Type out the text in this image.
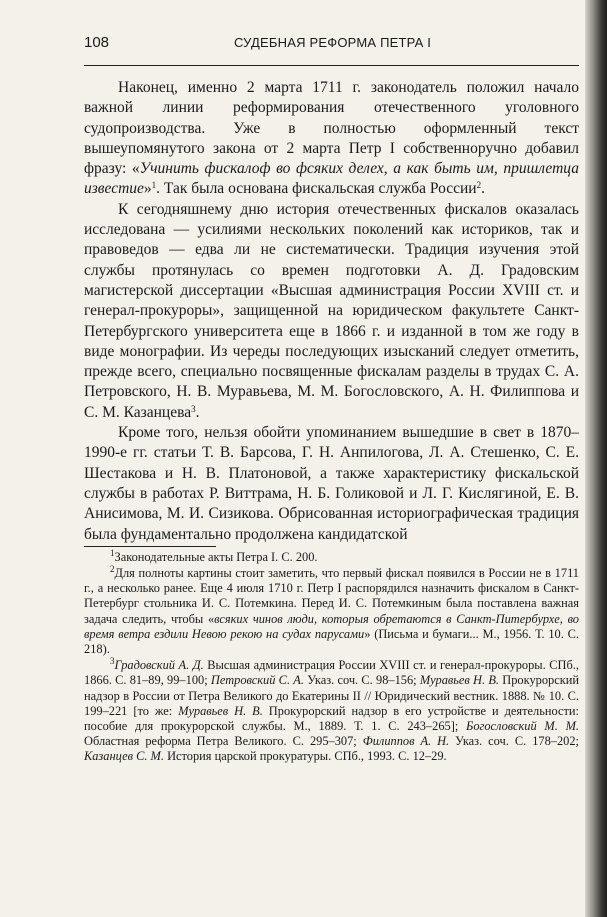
108	СУДЕБНАЯ РЕФОРМА ПЕТРА I

Наконец, именно 2 марта 1711 г. законодатель положил начало важной линии реформирования отечественного уголовного судопроизводства. Уже в полностью оформленный текст вышеупомянутого закона от 2 марта Петр I собственноручно добавил фразу: «Учинить фискалоф во фсяких делех, а как быть им, пришлетца известие»$^1$. Так была основана фискальская служба России$^2$.

К сегодняшнему дню история отечественных фискалов оказалась исследована — усилиями нескольких поколений как историков, так и правоведов — едва ли не систематически. Традиция изучения этой службы протянулась со времен подготовки А. Д. Градовским магистерской диссертации «Высшая администрация России XVIII ст. и генерал-прокуроры», защищенной на юридическом факультете Санкт-Петербургского университета еще в 1866 г. и изданной в том же году в виде монографии. Из череды последующих изысканий следует отметить, прежде всего, специально посвященные фискалам разделы в трудах С. А. Петровского, Н. В. Муравьева, М. М. Богословского, А. Н. Филиппова и С. М. Казанцева$^3$.

Кроме того, нельзя обойти упоминанием вышедшие в свет в 1870–1990-е гг. статьи Т. В. Барсова, Г. Н. Анпилогова, Л. А. Стешенко, С. Е. Шестакова и Н. В. Платоновой, а также характеристику фискальской службы в работах Р. Виттрама, Н. Б. Голиковой и Л. Г. Кислягиной, Е. В. Анисимова, М. И. Сизикова. Обрисованная историографическая традиция была фундаментально продолжена кандидатской

$^1$Законодательные акты Петра I. С. 200.

$^2$Для полноты картины стоит заметить, что первый фискал появился в России не в 1711 г., а несколько ранее. Еще 4 июля 1710 г. Петр I распорядился назначить фискалом в Санкт-Петербург стольника И. С. Потемкина. Перед И. С. Потемкиным была поставлена важная задача следить, чтобы «всяких чинов люди, которыя обретаются в Санкт-Питербурхе, во время ветра ездили Невою рекою на судах парусами» (Письма и бумаги... М., 1956. Т. 10. С. 218).

$^3$Градовский А. Д. Высшая администрация России XVIII ст. и генерал-прокуроры. СПб., 1866. С. 81–89, 99–100; Петровский С. А. Указ. соч. С. 98–156; Муравьев Н. В. Прокурорский надзор в России от Петра Великого до Екатерины II // Юридический вестник. 1888. № 10. С. 199–221 [то же: Муравьев Н. В. Прокурорский надзор в его устройстве и деятельности: пособие для прокурорской службы. М., 1889. Т. 1. С. 243–265]; Богословский М. М. Областная реформа Петра Великого. С. 295–307; Филиппов А. Н. Указ. соч. С. 178–202; Казанцев С. М. История царской прокуратуры. СПб., 1993. С. 12–29.
